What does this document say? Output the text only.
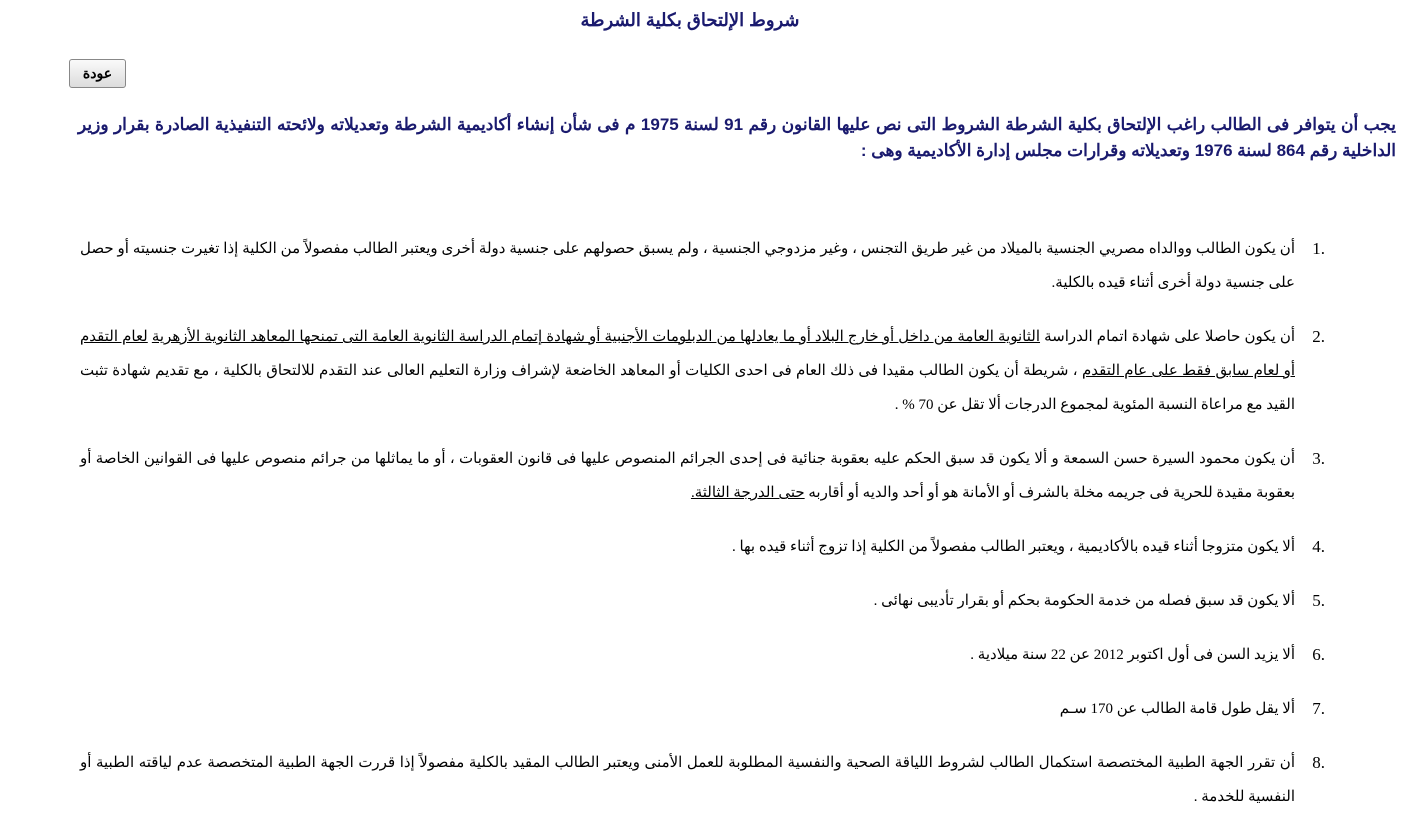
شروط الإلتحاق بكلية الشرطة
عودة
يجب أن يتوافر فى الطالب راغب الإلتحاق بكلية الشرطة الشروط التى نص عليها القانون رقم 91 لسنة 1975 م فى شأن إنشاء أكاديمية الشرطة وتعديلاته ولائحته التنفيذية الصادرة بقرار وزير الداخلية رقم 864 لسنة 1976 وتعديلاته وقرارات مجلس إدارة الأكاديمية وهى :
1.
أن يكون الطالب ووالداه مصريي الجنسية بالميلاد من غير طريق التجنس ، وغير مزدوجي الجنسية ، ولم يسبق حصولهم على جنسية دولة أخرى ويعتبر الطالب مفصولاً من الكلية إذا تغيرت جنسيته أو حصل على جنسية دولة أخرى أثناء قيده بالكلية.
2.
أن يكون حاصلا على شهادة اتمام الدراسة الثانوية العامة من داخل أو خارج البلاد أو ما يعادلها من الدبلومات الأجنبية أو شهادة إتمام الدراسة الثانوية العامة التى تمنحها المعاهد الثانوية الأزهرية لعام التقدم أو لعام سابق فقط على عام التقدم ، شريطة أن يكون الطالب مقيدا فى ذلك العام فى احدى الكليات أو المعاهد الخاضعة لإشراف وزارة التعليم العالى عند التقدم للالتحاق بالكلية ، مع تقديم شهادة تثبت القيد مع مراعاة النسبة المئوية لمجموع الدرجات ألا تقل عن 70 % .
3.
أن يكون محمود السيرة حسن السمعة و ألا يكون قد سبق الحكم عليه بعقوبة جنائية فى إحدى الجرائم المنصوص عليها فى قانون العقوبات ، أو ما يماثلها من جرائم منصوص عليها فى القوانين الخاصة أو بعقوبة مقيدة للحرية فى جريمه مخلة بالشرف أو الأمانة هو أو أحد والديه أو أقاربه حتى الدرجة الثالثة.
4.
ألا يكون متزوجا أثناء قيده بالأكاديمية ، ويعتبر الطالب مفصولاً من الكلية إذا تزوج أثناء قيده بها .
5.
ألا يكون قد سبق فصله من خدمة الحكومة بحكم أو بقرار تأديبى نهائى .
6.
ألا يزيد السن فى أول اكتوبر 2012 عن 22 سنة ميلادية .
7.
ألا يقل طول قامة الطالب عن 170 سـم
8.
أن تقرر الجهة الطبية المختصصة استكمال الطالب لشروط اللياقة الصحية والنفسية المطلوبة للعمل الأمنى ويعتبر الطالب المقيد بالكلية مفصولاً إذا قررت الجهة الطبية المتخصصة عدم لياقته الطبية أو النفسية للخدمة .
